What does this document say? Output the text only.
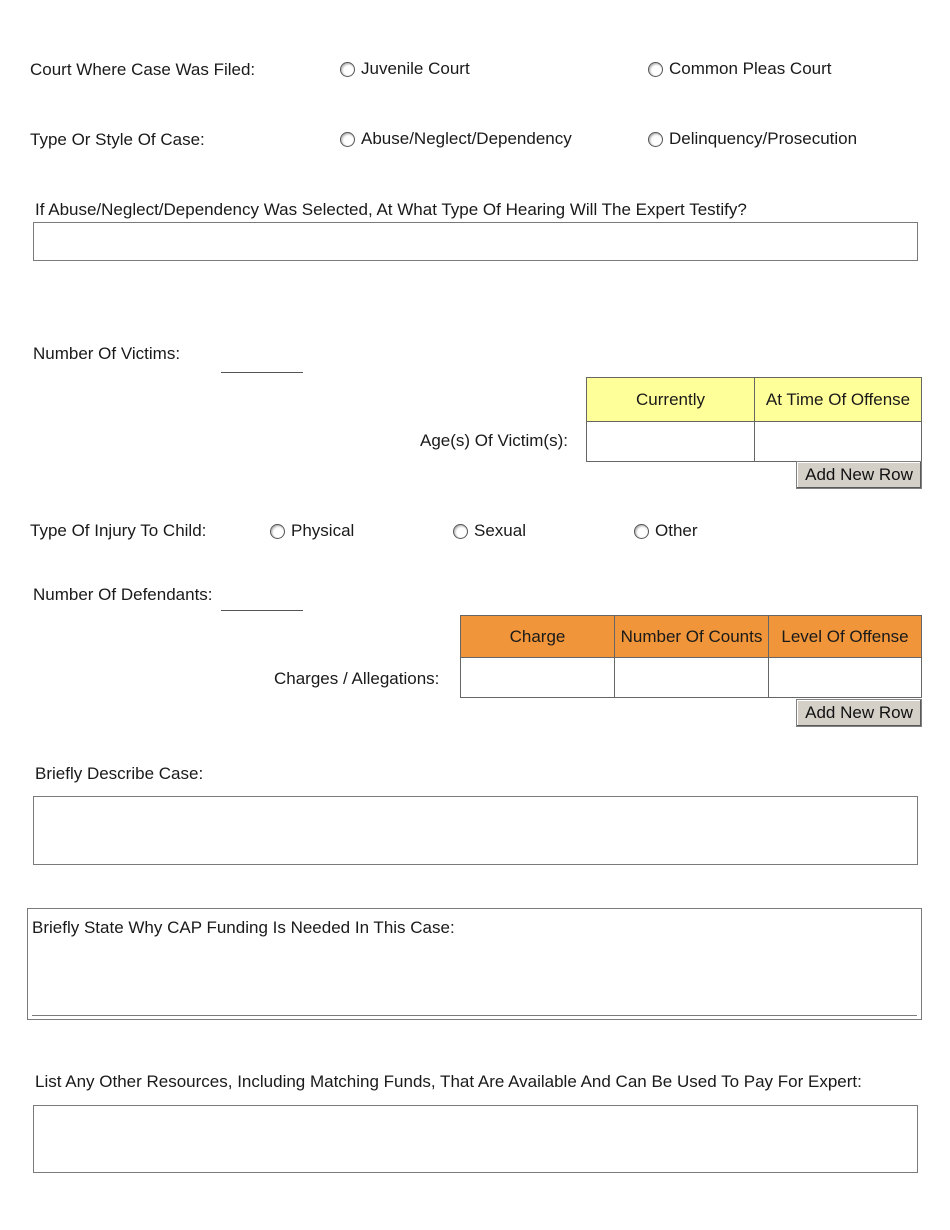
Court Where Case Was Filed:	Juvenile Court	Common Pleas Court
Type Or Style Of Case:	Abuse/Neglect/Dependency	Delinquency/Prosecution
If Abuse/Neglect/Dependency Was Selected, At What Type Of Hearing Will The Expert Testify?
Number Of Victims:
Age(s) Of Victim(s):
Currently	At Time Of Offense

Add New Row
Type Of Injury To Child:	Physical	Sexual	Other
Number Of Defendants:
Charges / Allegations:
Charge	Number Of Counts	Level Of Offense

Add New Row
Briefly Describe Case:
Briefly State Why CAP Funding Is Needed In This Case:
List Any Other Resources, Including Matching Funds, That Are Available And Can Be Used To Pay For Expert:
